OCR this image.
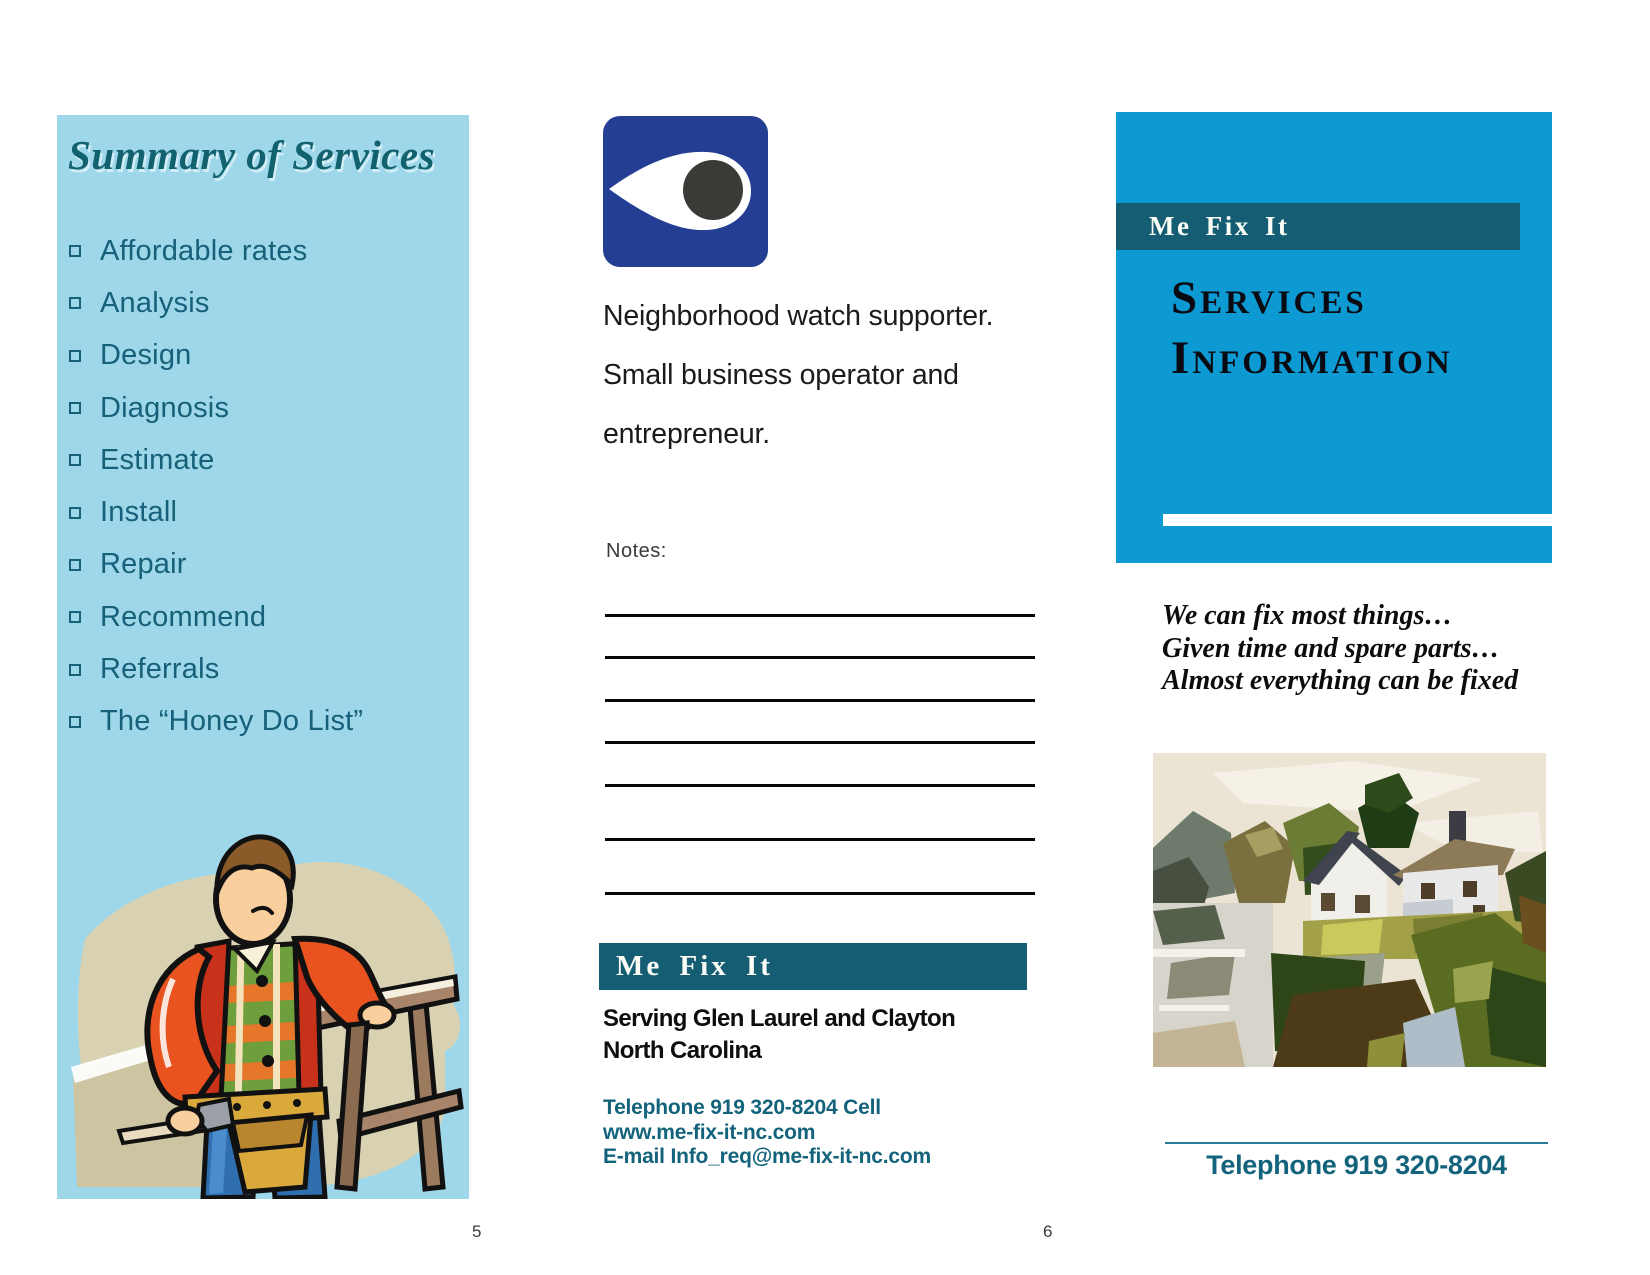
Summary of Services
Affordable rates
Analysis
Design
Diagnosis
Estimate
Install
Repair
Recommend
Referrals
The “Honey Do List”
Neighborhood watch supporter.
Small business operator and
entrepreneur.
Notes:
Me Fix It
Serving Glen Laurel and Clayton
North Carolina
Telephone 919 320-8204 Cell
www.me-fix-it-nc.com
E-mail Info_req@me-fix-it-nc.com
Me Fix It
Services
Information
We can fix most things…
Given time and spare parts…
Almost everything can be fixed
Telephone 919 320-8204
5	6
